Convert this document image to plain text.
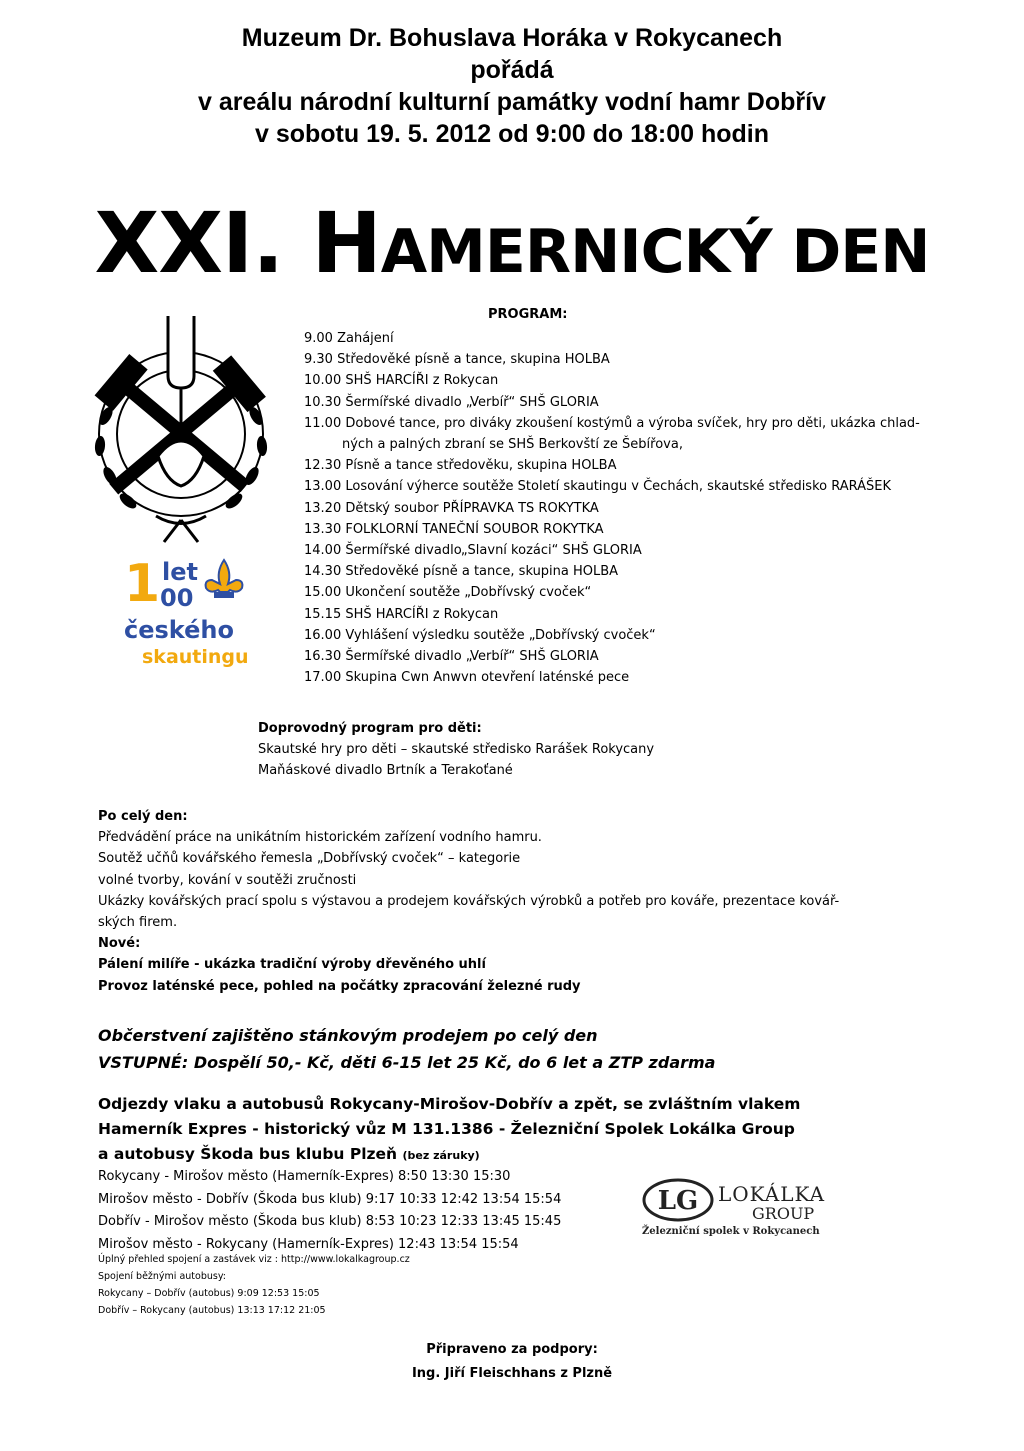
Muzeum Dr. Bohuslava Horáka v Rokycanech
pořádá
v areálu národní kulturní památky vodní hamr Dobřív
v sobotu 19. 5. 2012 od 9:00 do 18:00 hodin
XXI. HAMERNICKÝ DEN
1 let
00
českého
skautingu
PROGRAM:
9.00 Zahájení
9.30 Středověké písně a tance, skupina HOLBA
10.00 SHŠ HARCÍŘI z Rokycan
10.30 Šermířské divadlo „Verbíř“ SHŠ GLORIA
11.00 Dobové tance, pro diváky zkoušení kostýmů a výroba svíček, hry pro děti, ukázka chlad-
ných a palných zbraní se SHŠ Berkovští ze Šebířova,
12.30 Písně a tance středověku, skupina HOLBA
13.00 Losování výherce soutěže Století skautingu v Čechách, skautské středisko RARÁŠEK
13.20 Dětský soubor PŘÍPRAVKA TS ROKYTKA
13.30 FOLKLORNÍ TANEČNÍ SOUBOR ROKYTKA
14.00 Šermířské divadlo„Slavní kozáci“ SHŠ GLORIA
14.30 Středověké písně a tance, skupina HOLBA
15.00 Ukončení soutěže „Dobřívský cvoček“
15.15 SHŠ HARCÍŘI z Rokycan
16.00 Vyhlášení výsledku soutěže „Dobřívský cvoček“
16.30 Šermířské divadlo „Verbíř“ SHŠ GLORIA
17.00 Skupina Cwn Anwvn otevření laténské pece
Doprovodný program pro děti:
Skautské hry pro děti – skautské středisko Rarášek Rokycany
Maňáskové divadlo Brtník a Terakoťané
Po celý den:
Předvádění práce na unikátním historickém zařízení vodního hamru.
Soutěž učňů kovářského řemesla „Dobřívský cvoček“ – kategorie
volné tvorby, kování v soutěži zručnosti
Ukázky kovářských prací spolu s výstavou a prodejem kovářských výrobků a potřeb pro kováře, prezentace kovář-
ských firem.
Nové:
Pálení milíře - ukázka tradiční výroby dřevěného uhlí
Provoz laténské pece, pohled na počátky zpracování železné rudy
Občerstvení zajištěno stánkovým prodejem po celý den
VSTUPNÉ: Dospělí 50,- Kč, děti 6-15 let 25 Kč, do 6 let a ZTP zdarma
Odjezdy vlaku a autobusů Rokycany-Mirošov-Dobřív a zpět, se zvláštním vlakem
Hamerník Expres - historický vůz M 131.1386 - Železniční Spolek Lokálka Group
a autobusy Škoda bus klubu Plzeň (bez záruky)
Rokycany - Mirošov město (Hamerník-Expres) 8:50 13:30 15:30
Mirošov město - Dobřív (Škoda bus klub) 9:17 10:33 12:42 13:54 15:54
Dobřív - Mirošov město (Škoda bus klub) 8:53 10:23 12:33 13:45 15:45
Mirošov město - Rokycany (Hamerník-Expres) 12:43 13:54 15:54
Úplný přehled spojení a zastávek viz : http://www.lokalkagroup.cz
Spojení běžnými autobusy:
Rokycany – Dobřív (autobus) 9:09 12:53 15:05
Dobřív – Rokycany (autobus) 13:13 17:12 21:05
LG LOKÁLKA
GROUP
Železniční spolek v Rokycanech
Připraveno za podpory:
Ing. Jiří Fleischhans z Plzně
